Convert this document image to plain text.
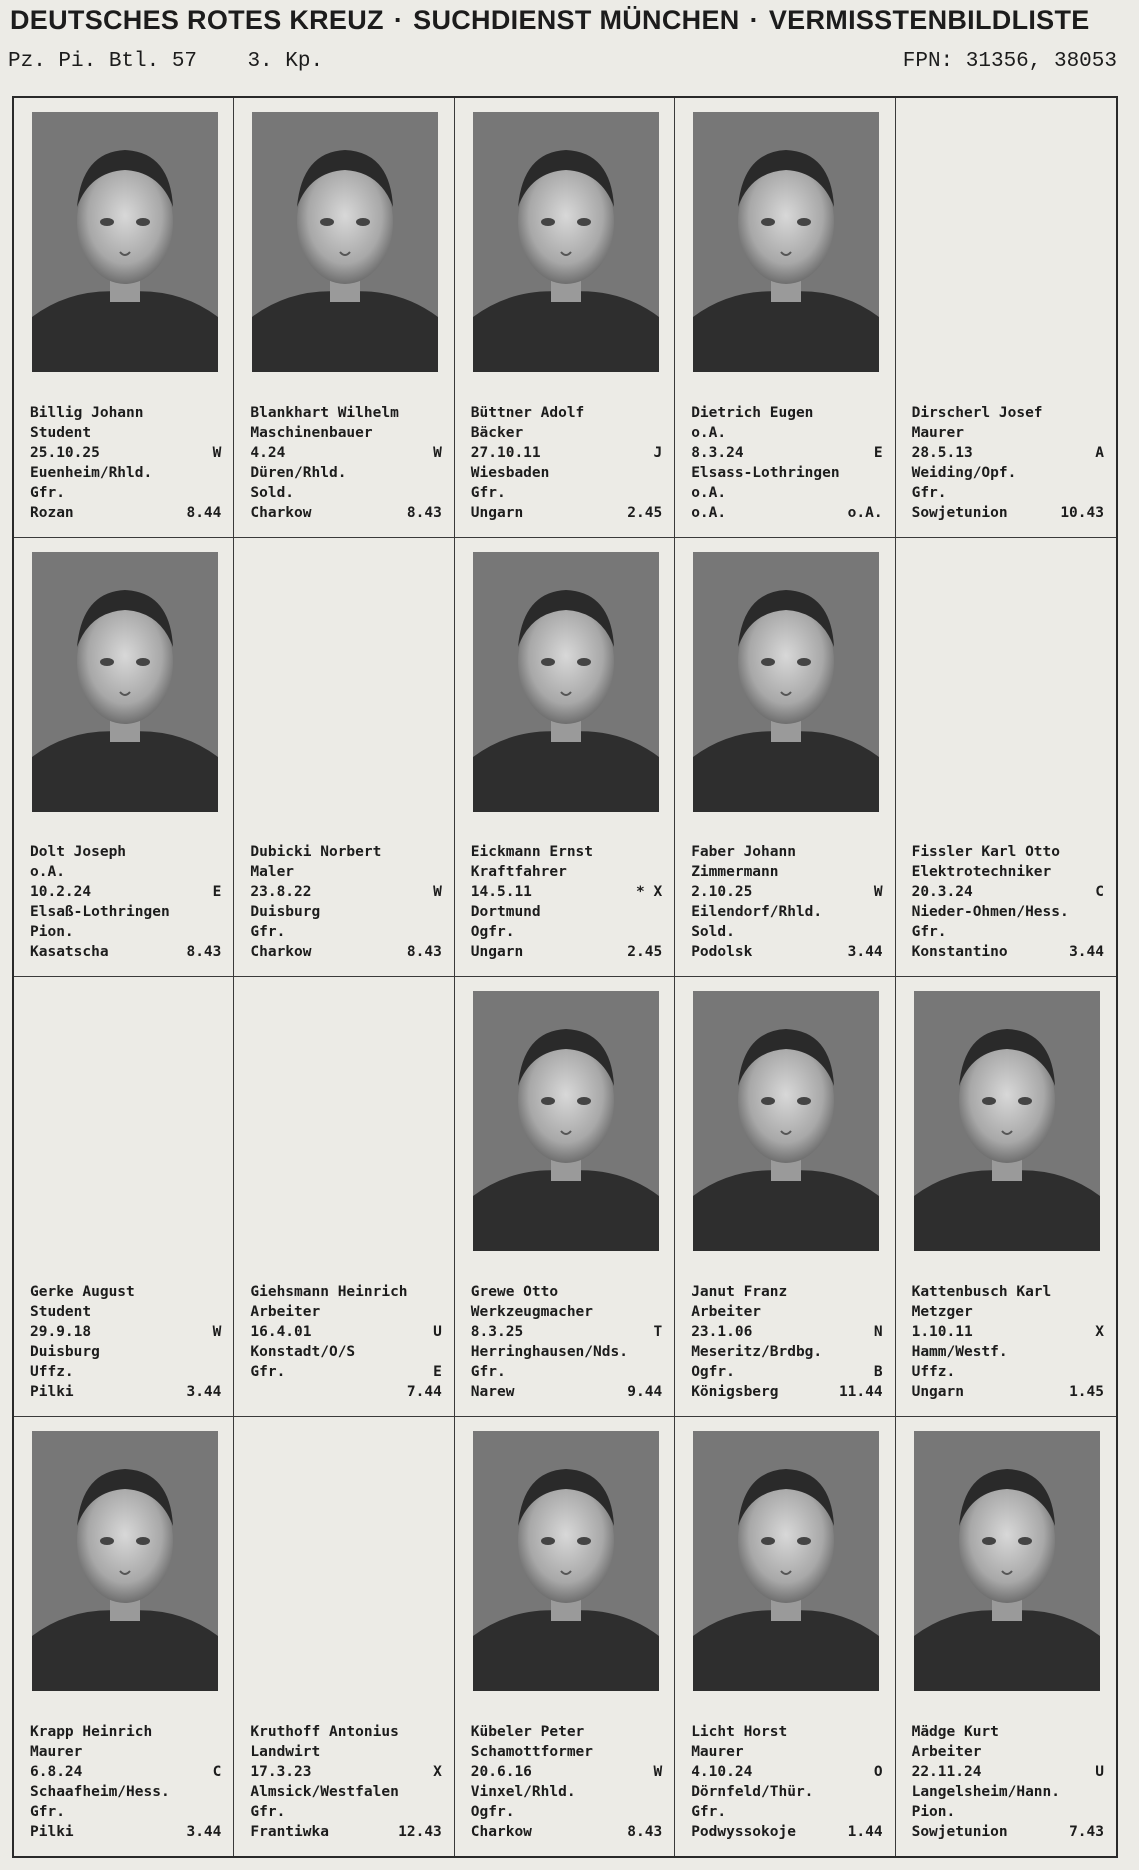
DEUTSCHES ROTES KREUZ · SUCHDIENST MÜNCHEN · VERMISSTENBILDLISTE
Pz. Pi. Btl. 57    3. Kp.	FPN: 31356, 38053
Billig Johann
Student
25.10.25	W
Euenheim/Rhld.
Gfr.
Rozan	8.44
Blankhart Wilhelm
Maschinenbauer
4.24	W
Düren/Rhld.
Sold.
Charkow	8.43
Büttner Adolf
Bäcker
27.10.11	J
Wiesbaden
Gfr.
Ungarn	2.45
Dietrich Eugen
o.A.
8.3.24	E
Elsass-Lothringen
o.A.
o.A.	o.A.
Dirscherl Josef
Maurer
28.5.13	A
Weiding/Opf.
Gfr.
Sowjetunion	10.43
Dolt Joseph
o.A.
10.2.24	E
Elsaß-Lothringen
Pion.
Kasatscha	8.43
Dubicki Norbert
Maler
23.8.22	W
Duisburg
Gfr.
Charkow	8.43
Eickmann Ernst
Kraftfahrer
14.5.11	* X
Dortmund
Ogfr.
Ungarn	2.45
Faber Johann
Zimmermann
2.10.25	W
Eilendorf/Rhld.
Sold.
Podolsk	3.44
Fissler Karl Otto
Elektrotechniker
20.3.24	C
Nieder-Ohmen/Hess.
Gfr.
Konstantino	3.44
Gerke August
Student
29.9.18	W
Duisburg
Uffz.
Pilki	3.44
Giehsmann Heinrich
Arbeiter
16.4.01	U
Konstadt/O/S
Gfr.	E
7.44
Grewe Otto
Werkzeugmacher
8.3.25	T
Herringhausen/Nds.
Gfr.
Narew	9.44
Janut Franz
Arbeiter
23.1.06	N
Meseritz/Brdbg.
Ogfr.	B
Königsberg	11.44
Kattenbusch Karl
Metzger
1.10.11	X
Hamm/Westf.
Uffz.
Ungarn	1.45
Krapp Heinrich
Maurer
6.8.24	C
Schaafheim/Hess.
Gfr.
Pilki	3.44
Kruthoff Antonius
Landwirt
17.3.23	X
Almsick/Westfalen
Gfr.
Frantiwka	12.43
Kübeler Peter
Schamottformer
20.6.16	W
Vinxel/Rhld.
Ogfr.
Charkow	8.43
Licht Horst
Maurer
4.10.24	O
Dörnfeld/Thür.
Gfr.
Podwyssokoje	1.44
Mädge Kurt
Arbeiter
22.11.24	U
Langelsheim/Hann.
Pion.
Sowjetunion	7.43
